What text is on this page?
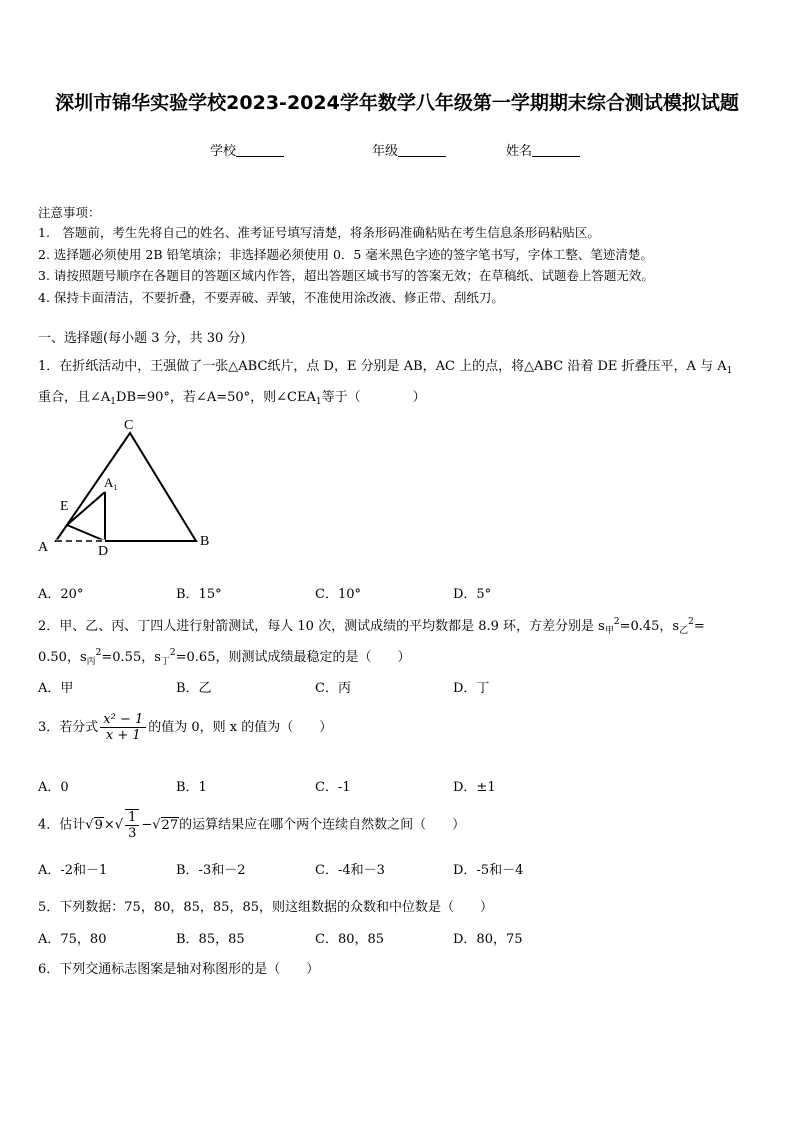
深圳市锦华实验学校2023-2024学年数学八年级第一学期期末综合测试模拟试题
学校	年级	姓名
注意事项：
1.　答题前，考生先将自己的姓名、准考证号填写清楚，将条形码准确粘贴在考生信息条形码粘贴区。
2. 选择题必须使用 2B 铅笔填涂；非选择题必须使用 0．5 毫米黑色字迹的签字笔书写，字体工整、笔迹清楚。
3. 请按照题号顺序在各题目的答题区域内作答，超出答题区域书写的答案无效；在草稿纸、试题卷上答题无效。
4. 保持卡面清洁，不要折叠，不要弄破、弄皱，不准使用涂改液、修正带、刮纸刀。
一、选择题(每小题 3 分，共 30 分)
1．在折纸活动中，王强做了一张△ABC纸片，点 D，E 分别是 AB，AC 上的点，将△ABC 沿着 DE 折叠压平，A 与 $A_1$
重合，且$\angle A_1DB=90^\circ$，若∠A=50°，则$\angle CEA_1$等于（　　　　）
C
$A_1$
E
A	D
B
A．20°	B．15°	C．10°	D．5°
2．甲、乙、丙、丁四人进行射箭测试，每人 10 次，测试成绩的平均数都是 8.9 环，方差分别是 $s_甲^2=0.45$，$s_乙^2=$
0.50，$s_丙^2=0.55$，$s_丁^2=0.65$，则测试成绩最稳定的是（　　）
A．甲	B．乙	C．丙	D．丁
3．若分式 $\frac{\text{x² − 1}}{x + 1}$ 的值为 0，则 x 的值为（　　）
A．0	B．1	C．-1	D．±1
4．估计$√9\times√ \frac{1}{3} -√27$的运算结果应在哪个两个连续自然数之间（　　）
A．-2和－1	B．-3和－2	C．-4和－3	D．-5和－4
5．下列数据：75，80，85，85，85，则这组数据的众数和中位数是（　　）
A．75，80	B．85，85	C．80，85	D．80，75
6．下列交通标志图案是轴对称图形的是（　　）
